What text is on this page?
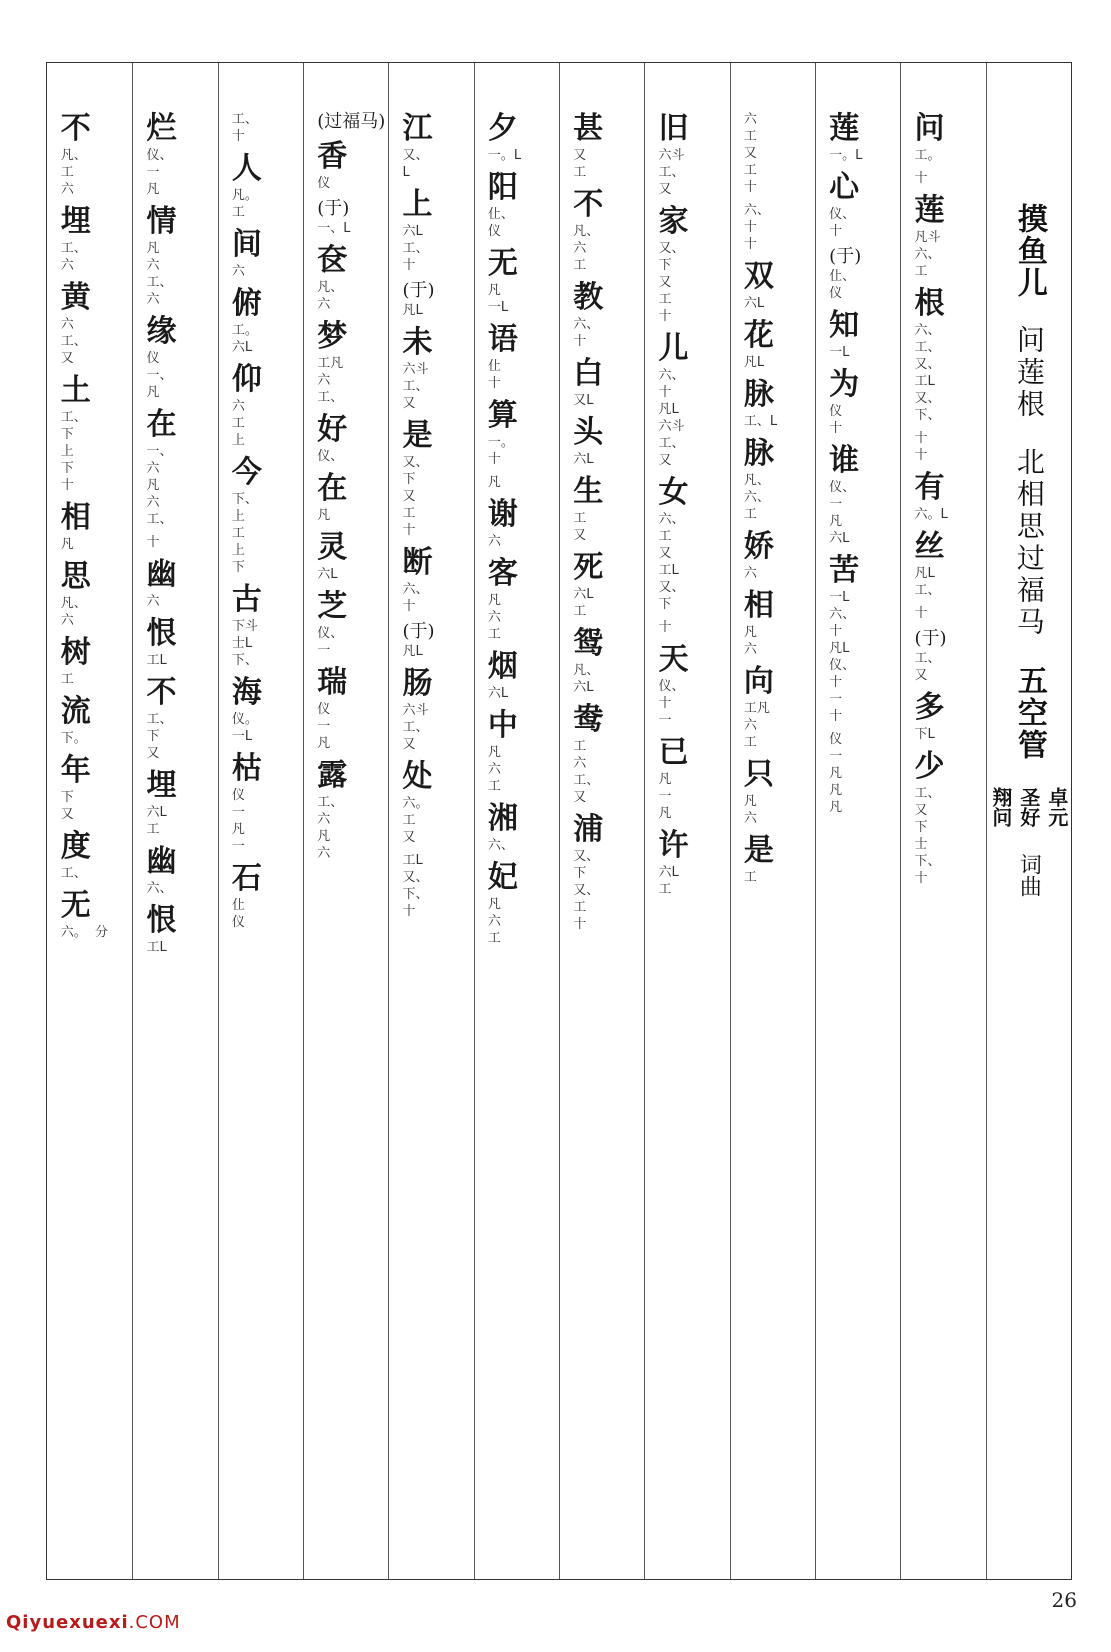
摸鱼儿
问莲根
北相思过福马
五空管
卓元
圣好
翔问
词曲
问
工。
十
莲
凡斗
六、
工
根
六、
工、
又、
工L
又、
下、
十
十
有
六。L
丝
凡L
工、
十
(于)
工、
又
多
下L
少
工、
又
下
士
下、
十
莲
一。L
心
仪、
十
(于)
仩、
仪
知
一L
为
仪
十
谁
仪、
一
凡
六L
苦
一L
六、
十
凡L
仪、
十
一
十
仪
一
凡
凡
凡
六
工
又
工
十
六、
十
十
双
六L
花
凡L
脉
工、L
脉
凡、
六、
工
娇
六
相
凡
六
向
工凡
六
工
只
凡
六
是
工
旧
六斗
工、
又
家
又、
下
又
工
十
儿
六、
十
凡L
六斗
工、
又
女
六、
工
又
工L
又、
下
十
天
仪、
十
一
已
凡
一
凡
许
六L
工
甚
又
工
不
凡、
六
工
教
六、
十
白
又L
头
六L
生
工
又
死
六L
工
鸳
凡、
六L
鸯
工
六
工、
又
浦
又、
下
又、
工
十
夕
一。L
阳
仩、
仪
无
凡
一L
语
仩
十
算
一。
十
凡
谢
六
客
凡
六
工
烟
六L
中
凡
六
工
湘
六、
妃
凡
六
工
江
又、
L
上
六L
工、
十
(于)
凡L
未
六斗
工、
又
是
又、
下
又
工
十
断
六、
十
(于)
凡L
肠
六斗
工、
又
处
六。
工
又
工L
又、
下、
十
(过福马)
香
仪
(于)
一、L
奁
凡、
六
梦
工凡
六
工、
好
仪、
在
凡
灵
六L
芝
仪、
一
瑞
仪
一
凡
露
工、
六
凡
六
工、
十
人
凡。
工
间
六
俯
工。
六L
仰
六
工
上
今
下、
上
工
上
下
古
下斗
士L
下、
海
仪。
一L
枯
仪
一
凡
一
石
仩
仪
烂
仪、
一
凡
情
凡
六
工、
六
缘
仪
一、
凡
在
一、
六
凡
六
工、
十
幽
六
恨
工L
不
工、
下
又
埋
六L
工
幽
六、
恨
工L
不
凡、
工
六
埋
工、
六
黄
六
工、
又
土
工、
下
上
下
十
相
凡
思
凡、
六
树
工
流
下。
年
下
又
度
工、
无
六。  分
26
Qiyuexuexi.COM
